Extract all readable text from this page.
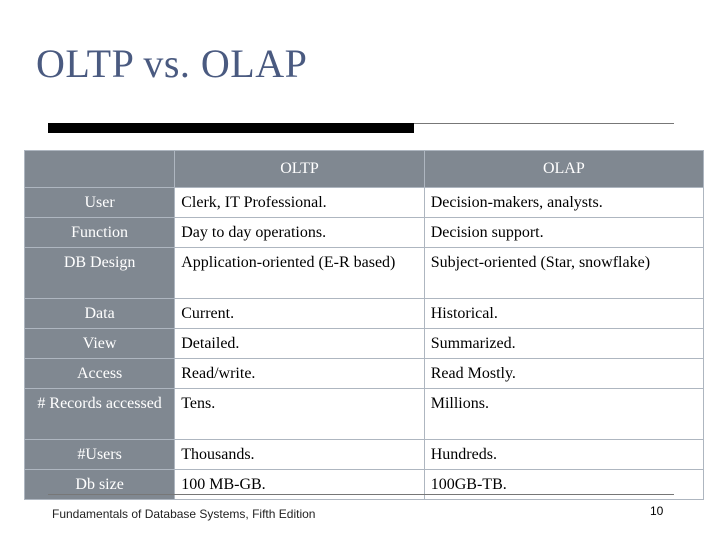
OLTP vs. OLAP
	OLTP	OLAP
User	Clerk, IT Professional.	Decision-makers, analysts.
Function	Day to day operations.	Decision support.
DB Design	Application-oriented (E-R based)	Subject-oriented (Star, snowflake)
Data	Current.	Historical.
View	Detailed.	Summarized.
Access	Read/write.	Read Mostly.
# Records accessed	Tens.	Millions.
#Users	Thousands.	Hundreds.
Db size	100 MB-GB.	100GB-TB.
Fundamentals of Database Systems, Fifth Edition	10
